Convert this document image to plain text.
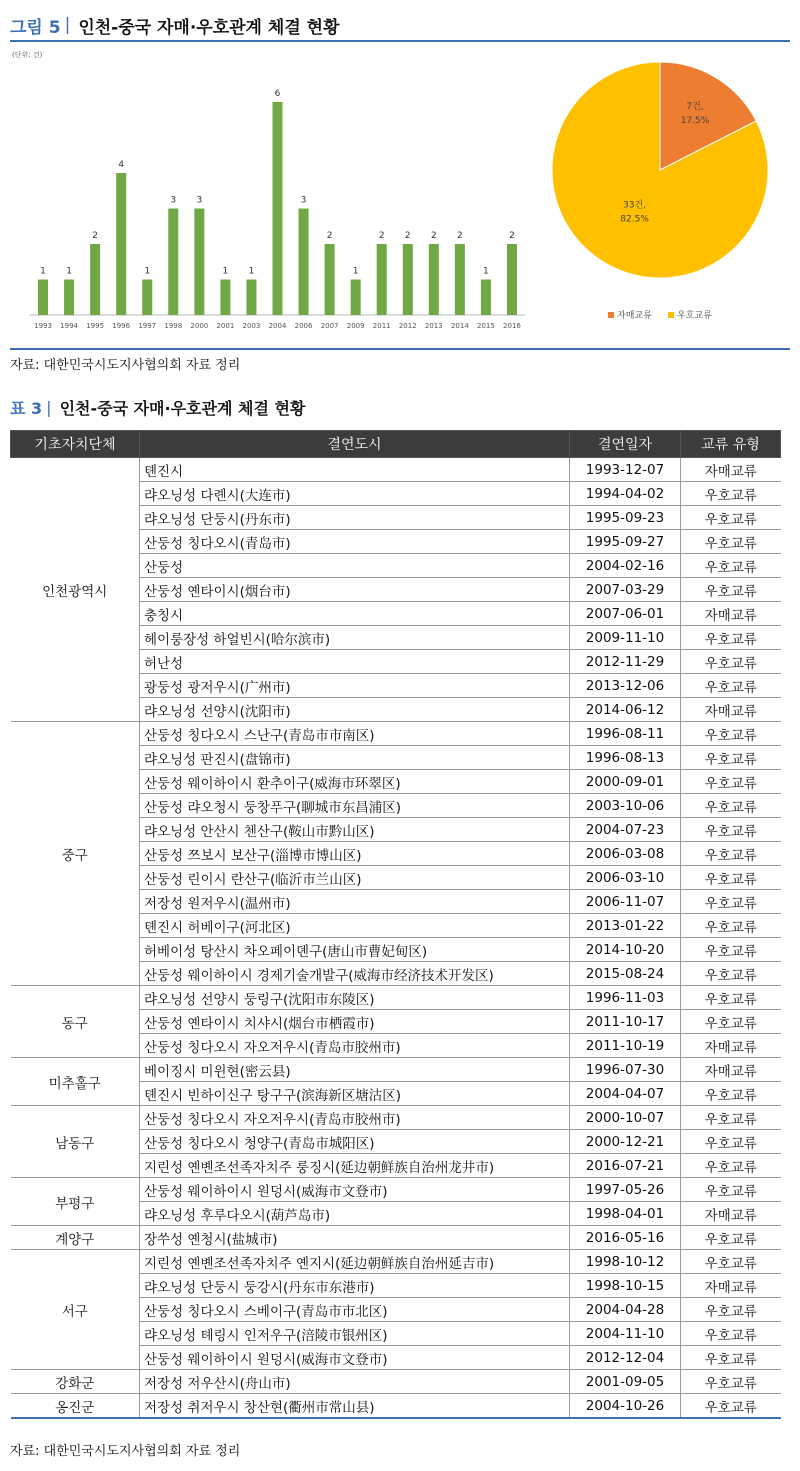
그림 5 | 인천-중국 자매·우호관계 체결 현황
(단위: 건)
1
1993
1
1994
2
1995
4
1996
1
1997
3
1998
3
2000
1
2001
1
2003
6
2004
3
2006
2
2007
1
2009
2
2011
2
2012
2
2013
2
2014
1
2015
2
2016
7건,
17.5%
33건,
82.5%
자매교류	우호교류
자료: 대한민국시도지사협의회 자료 정리
표 3 | 인천-중국 자매·우호관계 체결 현황
기초자치단체	결연도시	결연일자	교류 유형
인천광역시	톈진시	1993-12-07	자매교류
	랴오닝성 다롄시(大连市)	1994-04-02	우호교류
	랴오닝성 단둥시(丹东市)	1995-09-23	우호교류
	산둥성 칭다오시(青岛市)	1995-09-27	우호교류
	산둥성	2004-02-16	우호교류
	산둥성 옌타이시(烟台市)	2007-03-29	우호교류
	충칭시	2007-06-01	자매교류
	헤이룽장성 하얼빈시(哈尔滨市)	2009-11-10	우호교류
	허난성	2012-11-29	우호교류
	광둥성 광저우시(广州市)	2013-12-06	우호교류
	랴오닝성 선양시(沈阳市)	2014-06-12	자매교류
중구	산둥성 칭다오시 스난구(青岛市市南区)	1996-08-11	우호교류
	랴오닝성 판진시(盘锦市)	1996-08-13	우호교류
	산둥성 웨이하이시 환추이구(威海市环翠区)	2000-09-01	우호교류
	산둥성 랴오청시 둥창푸구(聊城市东昌浦区)	2003-10-06	우호교류
	랴오닝성 안산시 첸산구(鞍山市黔山区)	2004-07-23	우호교류
	산둥성 쯔보시 보산구(淄博市博山区)	2006-03-08	우호교류
	산둥성 린이시 란산구(临沂市兰山区)	2006-03-10	우호교류
	저장성 원저우시(温州市)	2006-11-07	우호교류
	톈진시 허베이구(河北区)	2013-01-22	우호교류
	허베이성 탕산시 차오페이뎬구(唐山市曹妃甸区)	2014-10-20	우호교류
	산둥성 웨이하이시 경제기술개발구(威海市经济技术开发区)	2015-08-24	우호교류
동구	랴오닝성 선양시 둥링구(沈阳市东陵区)	1996-11-03	우호교류
	산둥성 옌타이시 치샤시(烟台市栖霞市)	2011-10-17	우호교류
	산둥성 칭다오시 자오저우시(青岛市胶州市)	2011-10-19	자매교류
미추홀구	베이징시 미윈현(密云县)	1996-07-30	자매교류
	톈진시 빈하이신구 탕구구(滨海新区塘沽区)	2004-04-07	우호교류
남동구	산둥성 칭다오시 자오저우시(青岛市胶州市)	2000-10-07	우호교류
	산둥성 칭다오시 청양구(青岛市城阳区)	2000-12-21	우호교류
	지린성 옌볜조선족자치주 룽징시(延边朝鲜族自治州龙井市)	2016-07-21	우호교류
부평구	산둥성 웨이하이시 원덩시(威海市文登市)	1997-05-26	우호교류
	랴오닝성 후루다오시(葫芦岛市)	1998-04-01	자매교류
계양구	장쑤성 옌청시(盐城市)	2016-05-16	우호교류
서구	지린성 옌볜조선족자치주 옌지시(延边朝鲜族自治州延吉市)	1998-10-12	우호교류
	랴오닝성 단둥시 둥강시(丹东市东港市)	1998-10-15	자매교류
	산둥성 칭다오시 스베이구(青岛市市北区)	2004-04-28	우호교류
	랴오닝성 톄링시 인저우구(涪陵市银州区)	2004-11-10	우호교류
	산둥성 웨이하이시 원덩시(威海市文登市)	2012-12-04	우호교류
강화군	저장성 저우산시(舟山市)	2001-09-05	우호교류
옹진군	저장성 취저우시 창산현(衢州市常山县)	2004-10-26	우호교류
자료: 대한민국시도지사협의회 자료 정리
